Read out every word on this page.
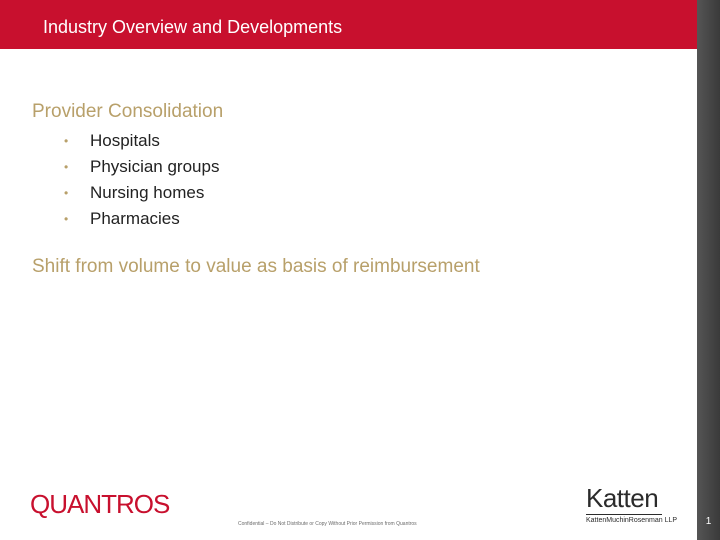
Industry Overview and Developments
1
Provider Consolidation
•	Hospitals
•	Physician groups
•	Nursing homes
•	Pharmacies
Shift from volume to value as basis of reimbursement
QUANTROS	Katten
KattenMuchinRosenman LLP
Confidential – Do Not Distribute or Copy Without Prior Permission from Quantros
